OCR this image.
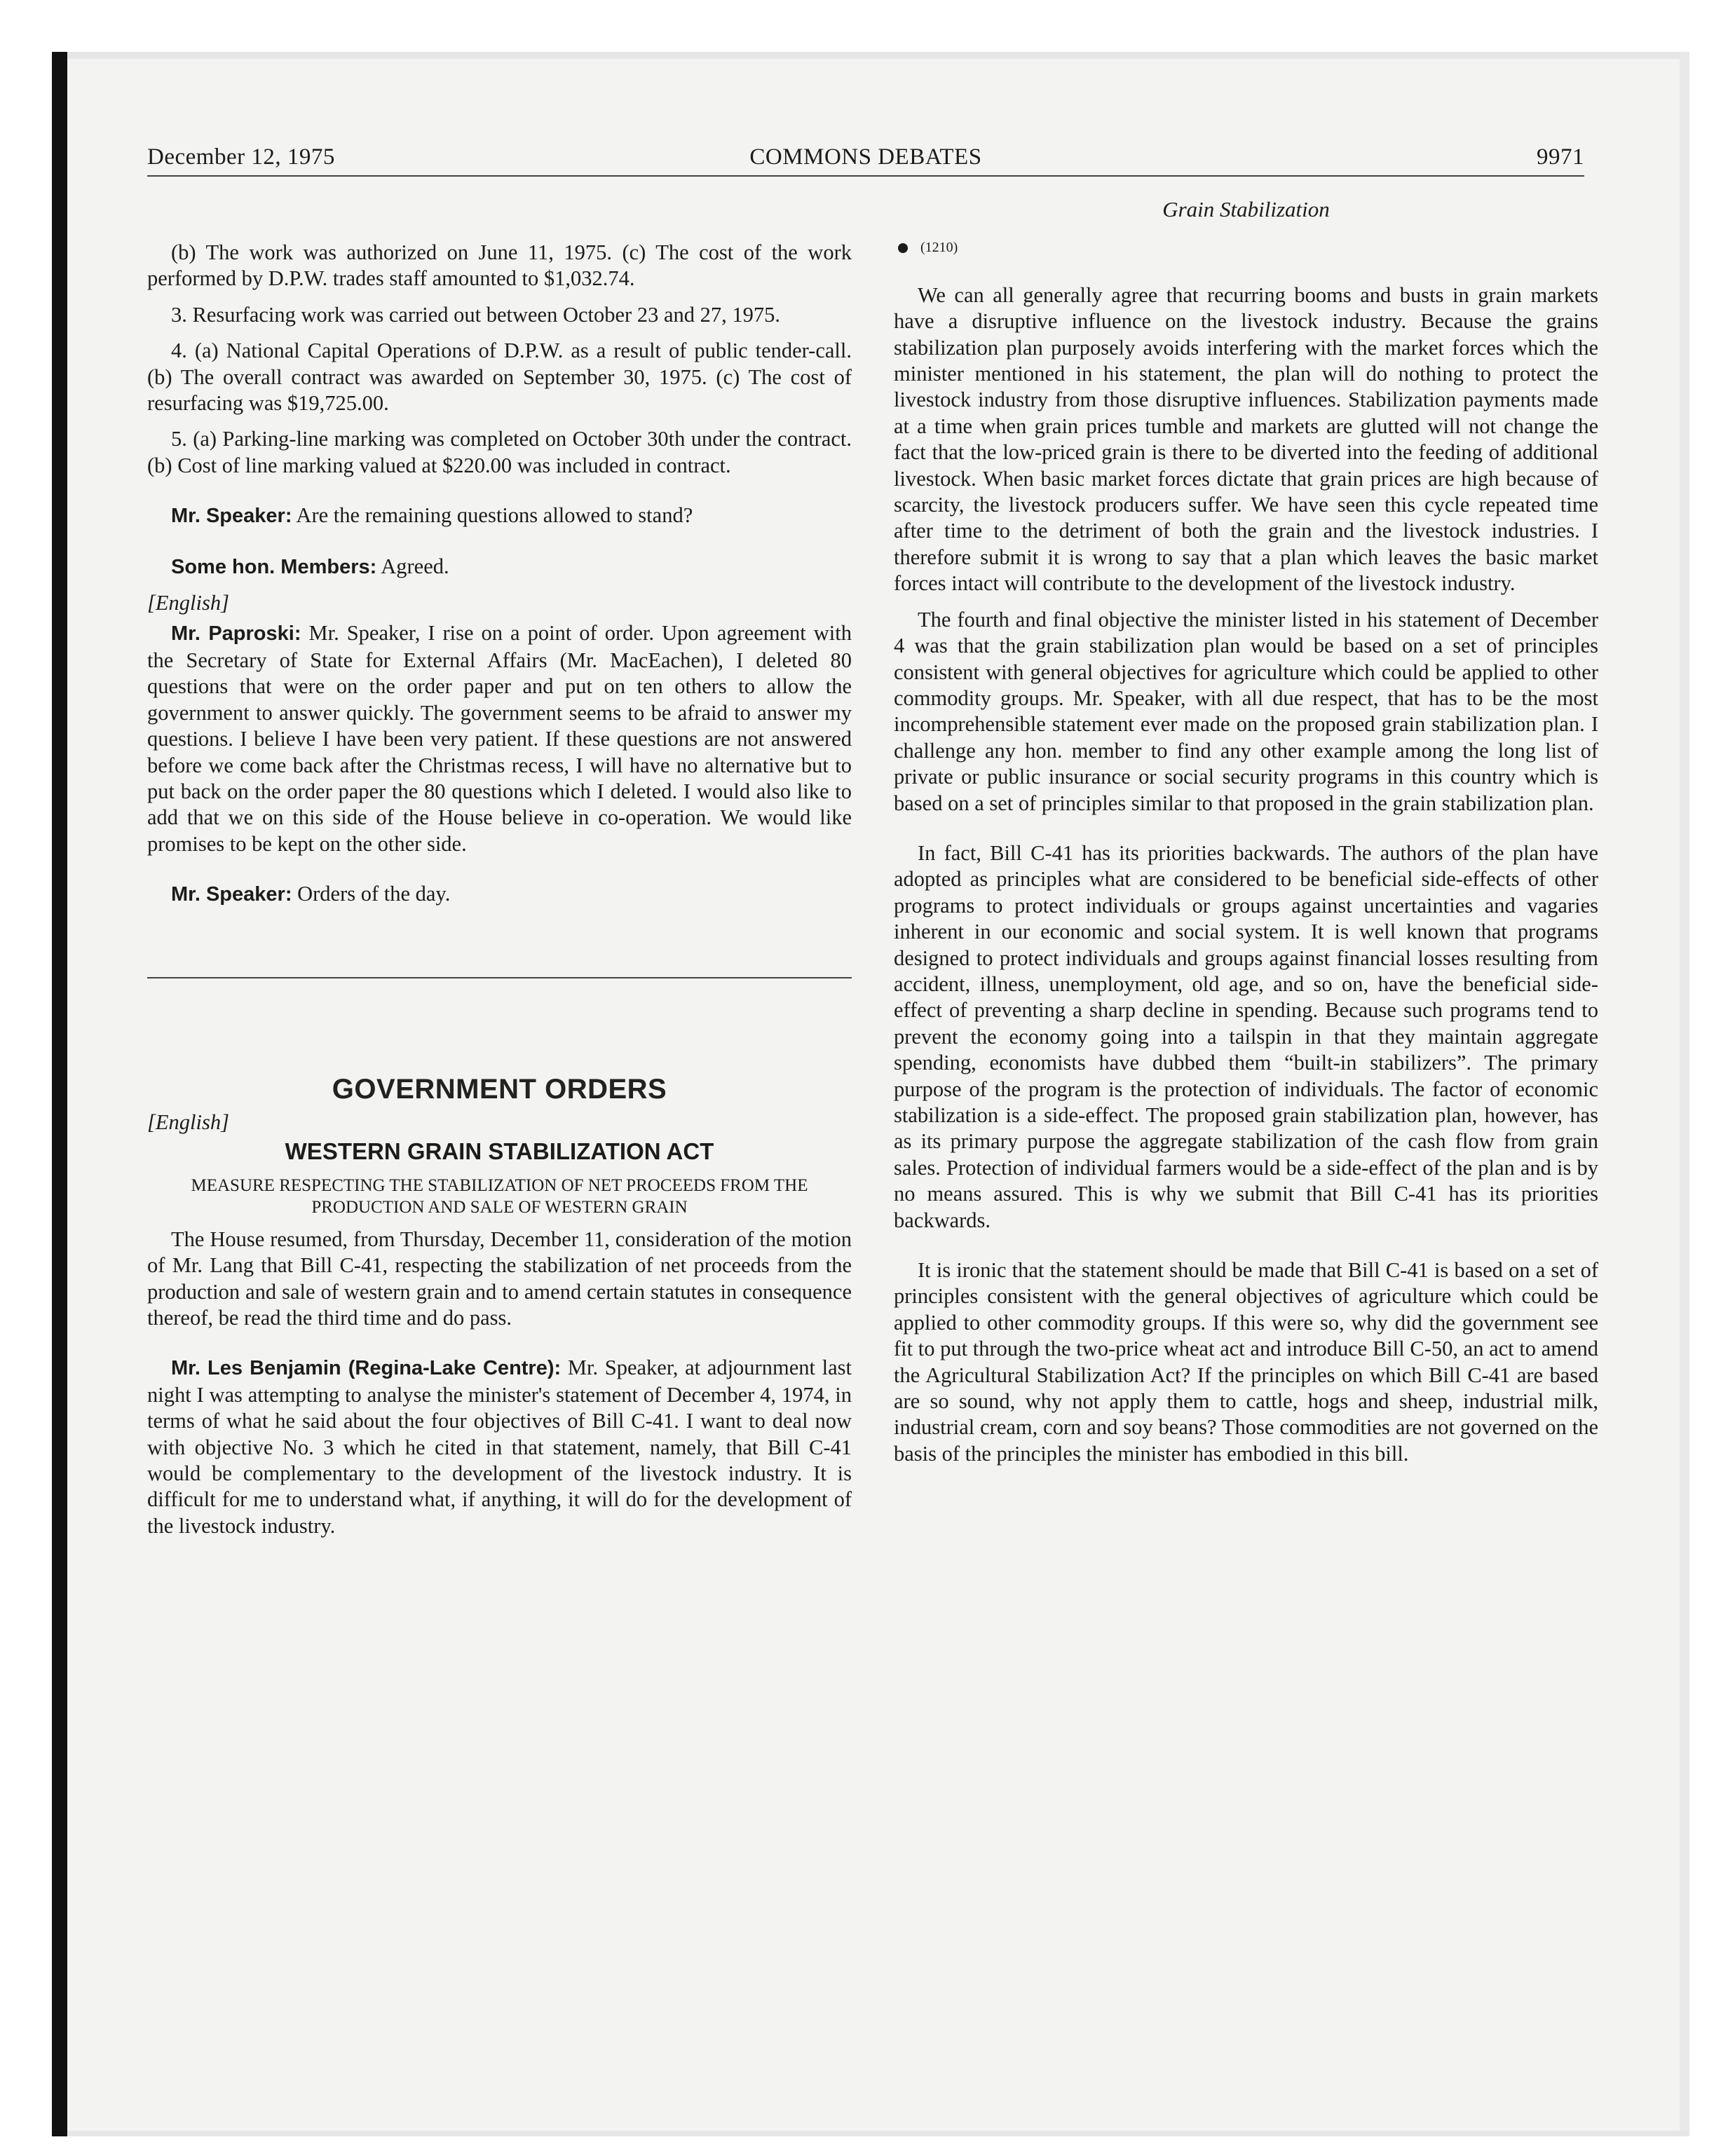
December 12, 1975	COMMONS DEBATES	9971

(b) The work was authorized on June 11, 1975. (c) The cost of the work performed by D.P.W. trades staff amounted to $1,032.74.

3. Resurfacing work was carried out between October 23 and 27, 1975.

4. (a) National Capital Operations of D.P.W. as a result of public tender-call. (b) The overall contract was awarded on September 30, 1975. (c) The cost of resurfacing was $19,725.00.

5. (a) Parking-line marking was completed on October 30th under the contract. (b) Cost of line marking valued at $220.00 was included in contract.

Mr. Speaker: Are the remaining questions allowed to stand?

Some hon. Members: Agreed.

[English]

Mr. Paproski: Mr. Speaker, I rise on a point of order. Upon agreement with the Secretary of State for External Affairs (Mr. MacEachen), I deleted 80 questions that were on the order paper and put on ten others to allow the government to answer quickly. The government seems to be afraid to answer my questions. I believe I have been very patient. If these questions are not answered before we come back after the Christmas recess, I will have no alternative but to put back on the order paper the 80 questions which I deleted. I would also like to add that we on this side of the House believe in co-operation. We would like promises to be kept on the other side.

Mr. Speaker: Orders of the day.

GOVERNMENT ORDERS

[English]

WESTERN GRAIN STABILIZATION ACT
MEASURE RESPECTING THE STABILIZATION OF NET PROCEEDS FROM THE PRODUCTION AND SALE OF WESTERN GRAIN

The House resumed, from Thursday, December 11, consideration of the motion of Mr. Lang that Bill C-41, respecting the stabilization of net proceeds from the production and sale of western grain and to amend certain statutes in consequence thereof, be read the third time and do pass.

Mr. Les Benjamin (Regina-Lake Centre): Mr. Speaker, at adjournment last night I was attempting to analyse the minister's statement of December 4, 1974, in terms of what he said about the four objectives of Bill C-41. I want to deal now with objective No. 3 which he cited in that statement, namely, that Bill C-41 would be complementary to the development of the livestock industry. It is difficult for me to understand what, if anything, it will do for the development of the livestock industry.

Grain Stabilization
(1210)

We can all generally agree that recurring booms and busts in grain markets have a disruptive influence on the livestock industry. Because the grains stabilization plan purposely avoids interfering with the market forces which the minister mentioned in his statement, the plan will do nothing to protect the livestock industry from those disruptive influences. Stabilization payments made at a time when grain prices tumble and markets are glutted will not change the fact that the low-priced grain is there to be diverted into the feeding of additional livestock. When basic market forces dictate that grain prices are high because of scarcity, the livestock producers suffer. We have seen this cycle repeated time after time to the detriment of both the grain and the livestock industries. I therefore submit it is wrong to say that a plan which leaves the basic market forces intact will contribute to the development of the livestock industry.

The fourth and final objective the minister listed in his statement of December 4 was that the grain stabilization plan would be based on a set of principles consistent with general objectives for agriculture which could be applied to other commodity groups. Mr. Speaker, with all due respect, that has to be the most incomprehensible statement ever made on the proposed grain stabilization plan. I challenge any hon. member to find any other example among the long list of private or public insurance or social security programs in this country which is based on a set of principles similar to that proposed in the grain stabilization plan.

In fact, Bill C-41 has its priorities backwards. The authors of the plan have adopted as principles what are considered to be beneficial side-effects of other programs to protect individuals or groups against uncertainties and vagaries inherent in our economic and social system. It is well known that programs designed to protect individuals and groups against financial losses resulting from accident, illness, unemployment, old age, and so on, have the beneficial side-effect of preventing a sharp decline in spending. Because such programs tend to prevent the economy going into a tailspin in that they maintain aggregate spending, economists have dubbed them “built-in stabilizers”. The primary purpose of the program is the protection of individuals. The factor of economic stabilization is a side-effect. The proposed grain stabilization plan, however, has as its primary purpose the aggregate stabilization of the cash flow from grain sales. Protection of individual farmers would be a side-effect of the plan and is by no means assured. This is why we submit that Bill C-41 has its priorities backwards.

It is ironic that the statement should be made that Bill C-41 is based on a set of principles consistent with the general objectives of agriculture which could be applied to other commodity groups. If this were so, why did the government see fit to put through the two-price wheat act and introduce Bill C-50, an act to amend the Agricultural Stabilization Act? If the principles on which Bill C-41 are based are so sound, why not apply them to cattle, hogs and sheep, industrial milk, industrial cream, corn and soy beans? Those commodities are not governed on the basis of the principles the minister has embodied in this bill.
